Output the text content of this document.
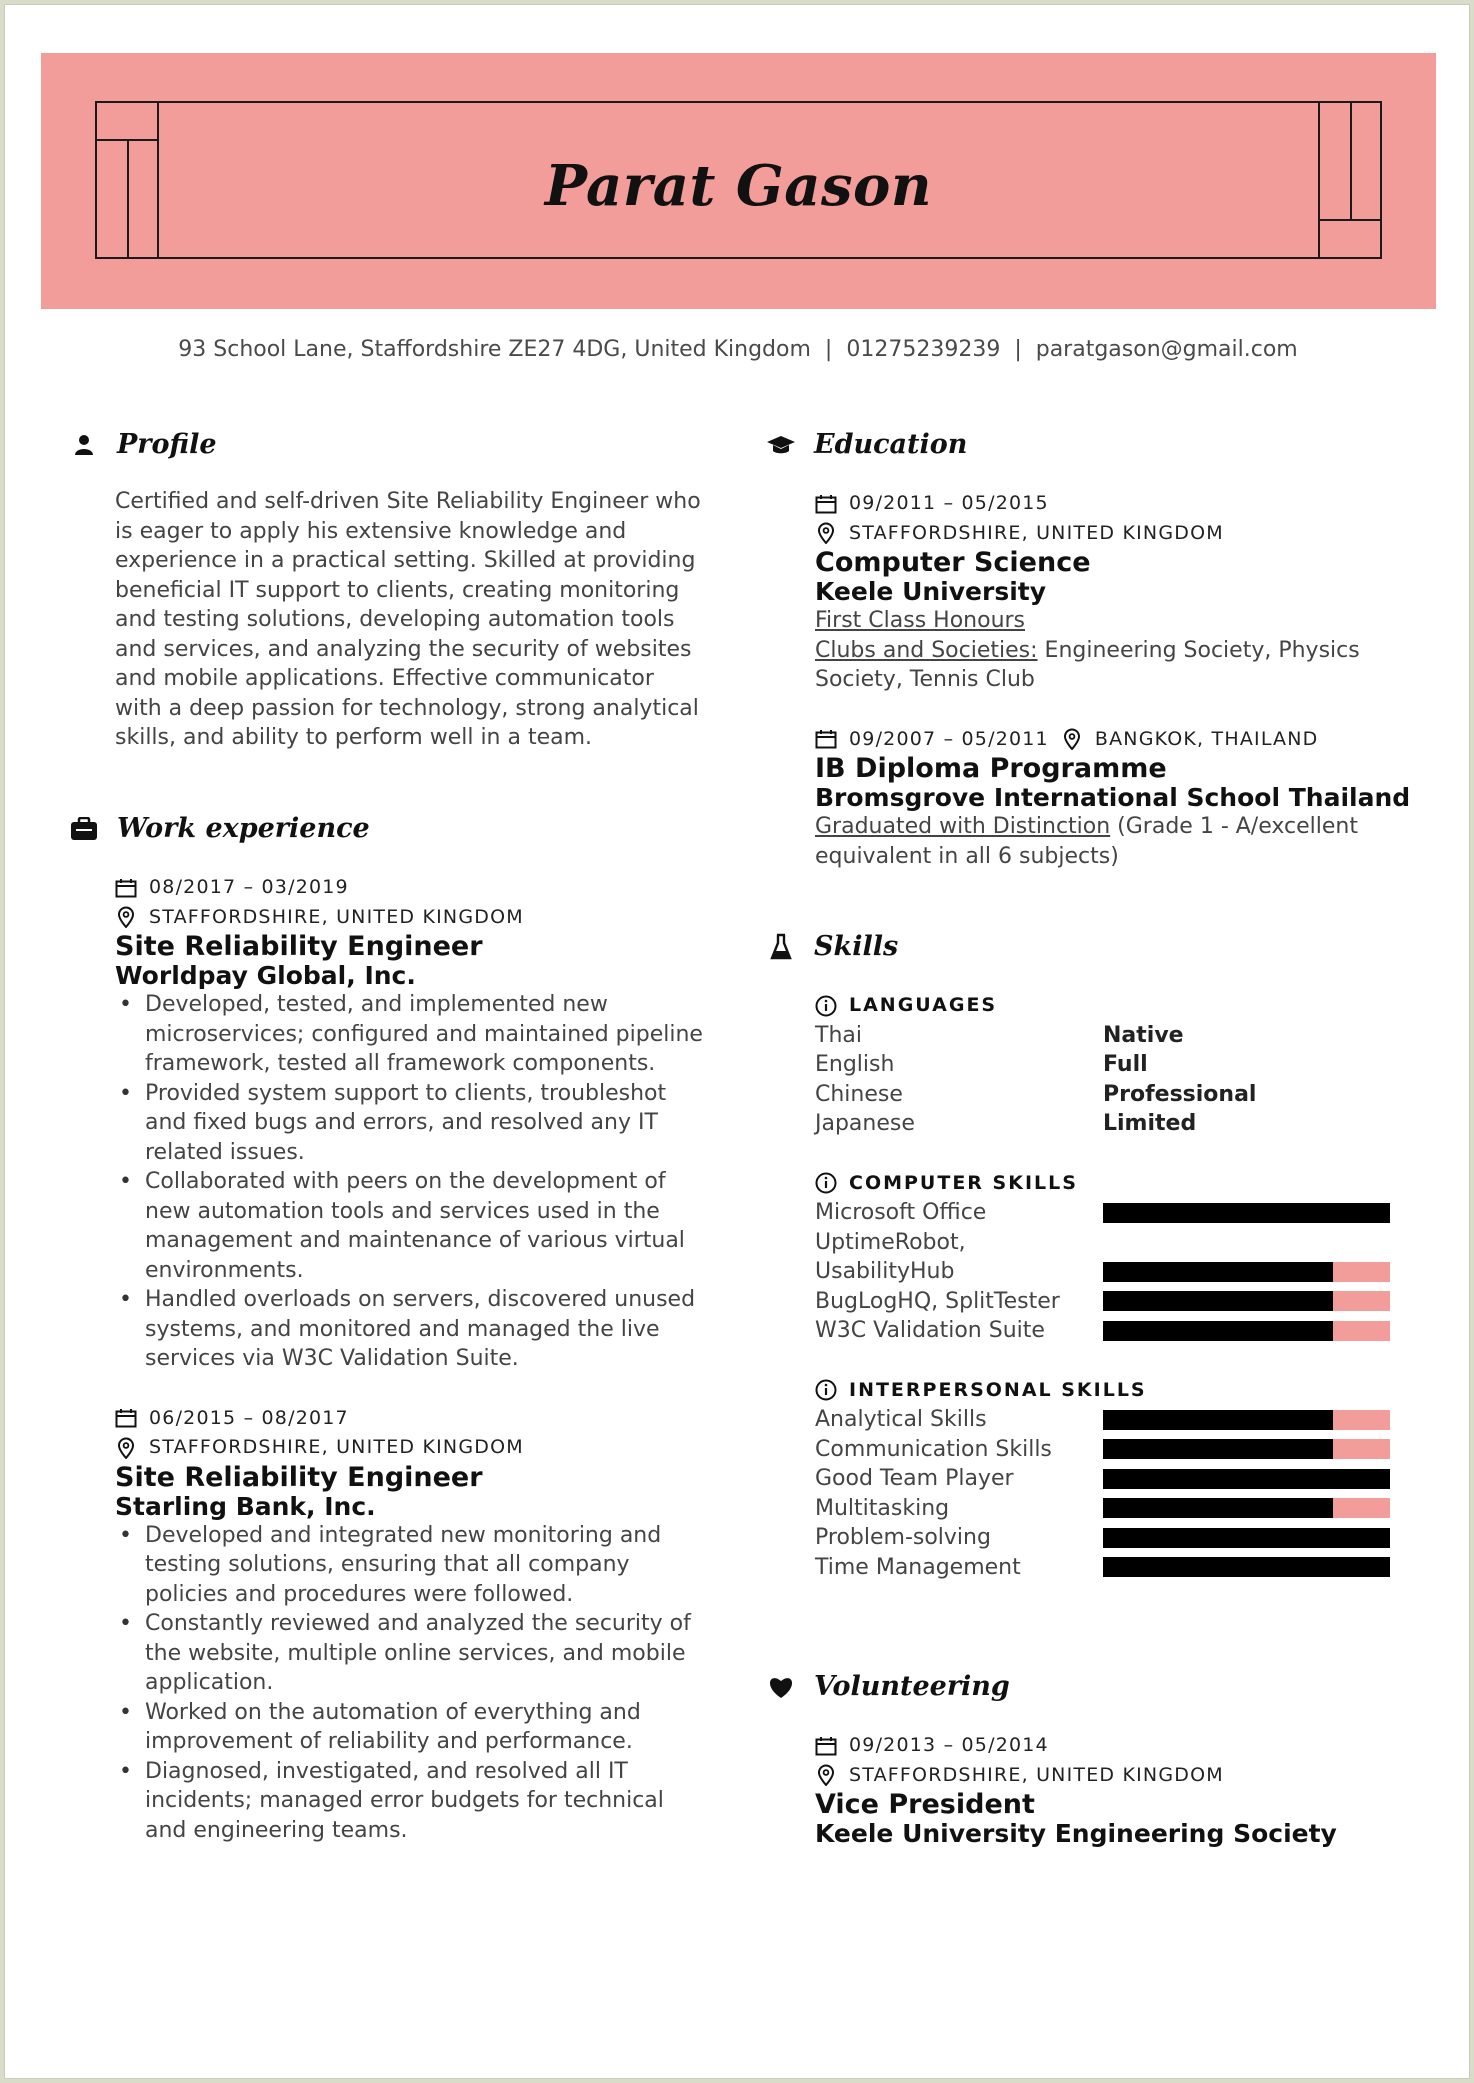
Parat Gason
93 School Lane, Staffordshire ZE27 4DG, United Kingdom | 01275239239 | paratgason@gmail.com
Profile
Certified and self-driven Site Reliability Engineer who
is eager to apply his extensive knowledge and
experience in a practical setting. Skilled at providing
beneficial IT support to clients, creating monitoring
and testing solutions, developing automation tools
and services, and analyzing the security of websites
and mobile applications. Effective communicator
with a deep passion for technology, strong analytical
skills, and ability to perform well in a team.
Work experience
08/2017 – 03/2019
STAFFORDSHIRE, UNITED KINGDOM
Site Reliability Engineer
Worldpay Global, Inc.
• Developed, tested, and implemented new
microservices; configured and maintained pipeline
framework, tested all framework components.
• Provided system support to clients, troubleshot
and fixed bugs and errors, and resolved any IT
related issues.
• Collaborated with peers on the development of
new automation tools and services used in the
management and maintenance of various virtual
environments.
• Handled overloads on servers, discovered unused
systems, and monitored and managed the live
services via W3C Validation Suite.
06/2015 – 08/2017
STAFFORDSHIRE, UNITED KINGDOM
Site Reliability Engineer
Starling Bank, Inc.
• Developed and integrated new monitoring and
testing solutions, ensuring that all company
policies and procedures were followed.
• Constantly reviewed and analyzed the security of
the website, multiple online services, and mobile
application.
• Worked on the automation of everything and
improvement of reliability and performance.
• Diagnosed, investigated, and resolved all IT
incidents; managed error budgets for technical
and engineering teams.
Education
09/2011 – 05/2015
STAFFORDSHIRE, UNITED KINGDOM
Computer Science
Keele University
First Class Honours
Clubs and Societies: Engineering Society, Physics
Society, Tennis Club
09/2007 – 05/2011 BANGKOK, THAILAND
IB Diploma Programme
Bromsgrove International School Thailand
Graduated with Distinction (Grade 1 - A/excellent
equivalent in all 6 subjects)
Skills
LANGUAGES
Thai	Native
English	Full
Chinese	Professional
Japanese	Limited
COMPUTER SKILLS
Microsoft Office
UptimeRobot,
UsabilityHub
BugLogHQ, SplitTester
W3C Validation Suite
INTERPERSONAL SKILLS
Analytical Skills
Communication Skills
Good Team Player
Multitasking
Problem-solving
Time Management
Volunteering
09/2013 – 05/2014
STAFFORDSHIRE, UNITED KINGDOM
Vice President
Keele University Engineering Society
